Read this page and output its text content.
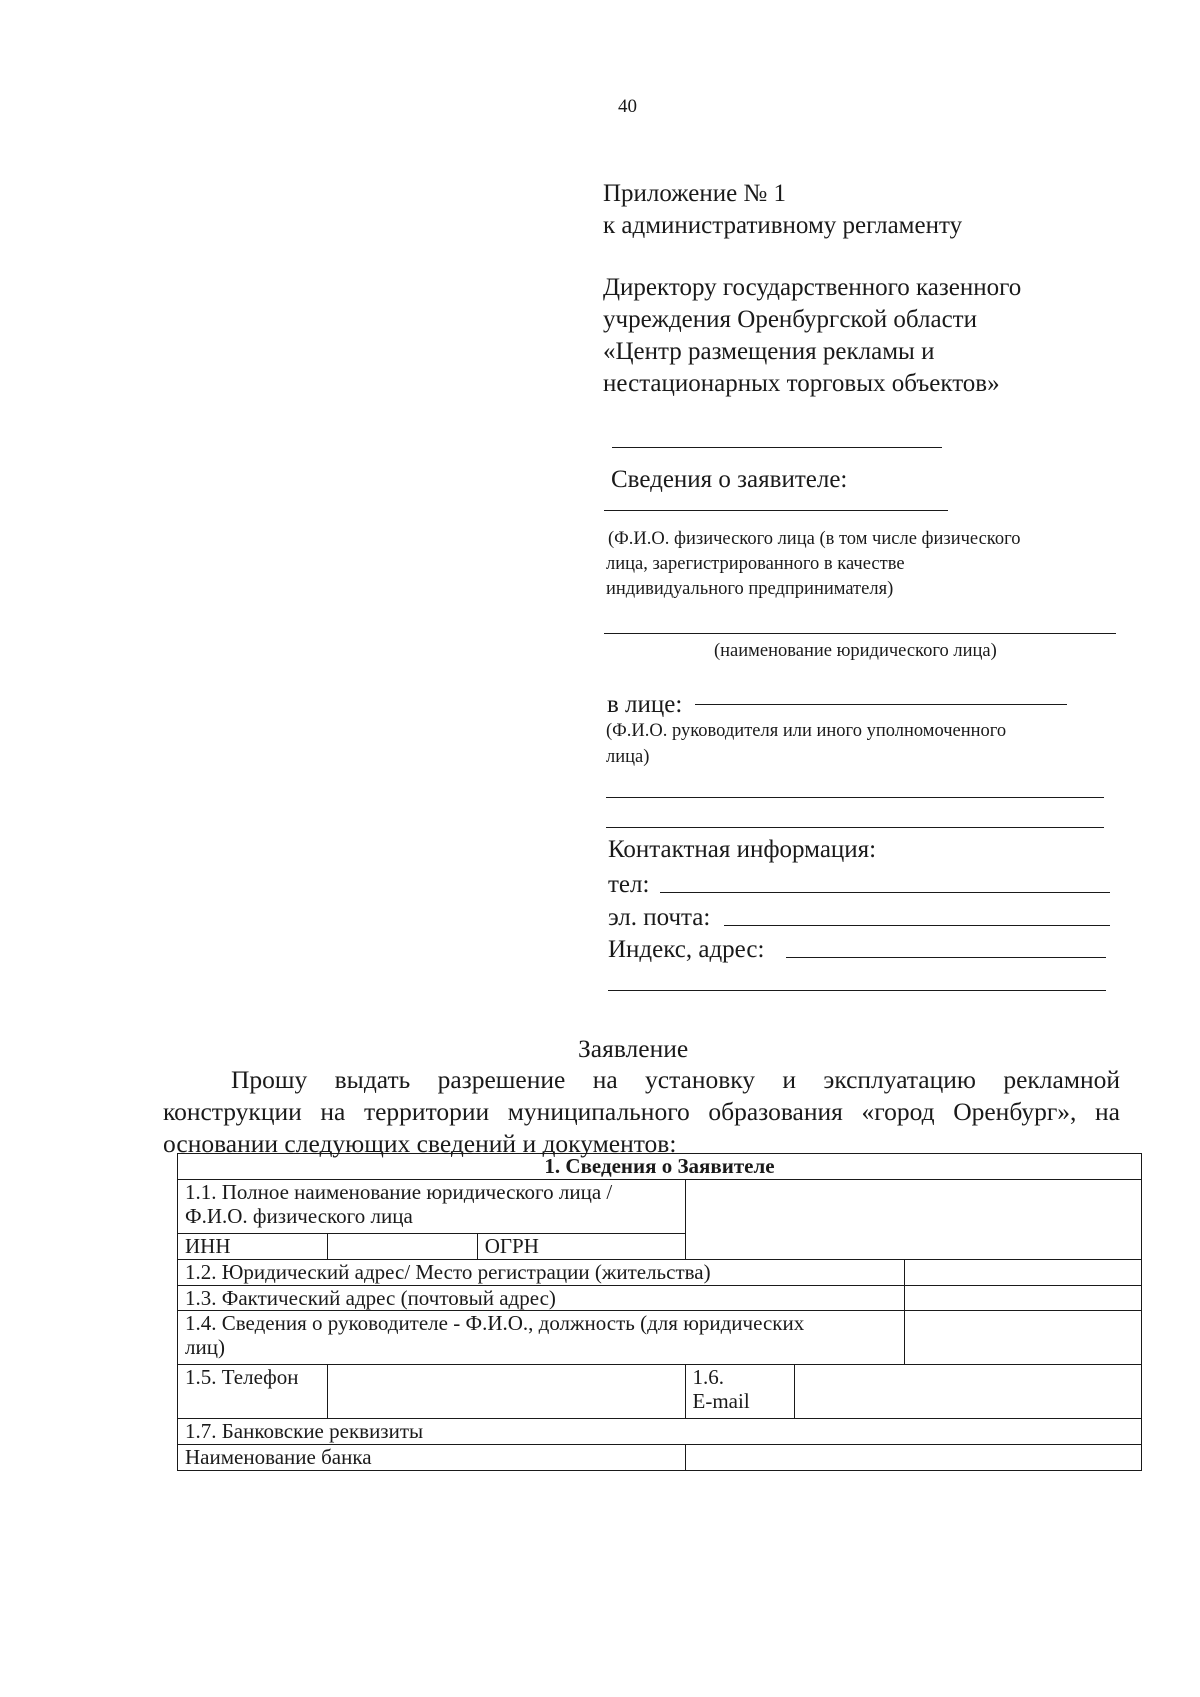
40
Приложение № 1
к административному регламенту
Директору государственного казенного
учреждения Оренбургской области
«Центр размещения рекламы и
нестационарных торговых объектов»
Сведения о заявителе:
(Ф.И.О. физического лица (в том числе физического
лица, зарегистрированного в качестве
индивидуального предпринимателя)
(наименование юридического лица)
в лице:
(Ф.И.О. руководителя или иного уполномоченного
лица)
Контактная информация:
тел:
эл. почта:
Индекс, адрес:
Заявление
Прошу выдать разрешение на установку и эксплуатацию рекламной
конструкции на территории муниципального образования «город Оренбург», на
основании следующих сведений и документов:
1. Сведения о Заявителе					
1.1. Полное наименование юридического лица /
Ф.И.О. физического лица					
ИНН		ОГРН			
1.2. Юридический адрес/ Место регистрации (жительства)					
1.3. Фактический адрес (почтовый адрес)					
1.4. Сведения о руководителе - Ф.И.О., должность (для юридических
лиц)					
1.5. Телефон			1.6.
E-mail		
1.7. Банковские реквизиты					
Наименование банка					
